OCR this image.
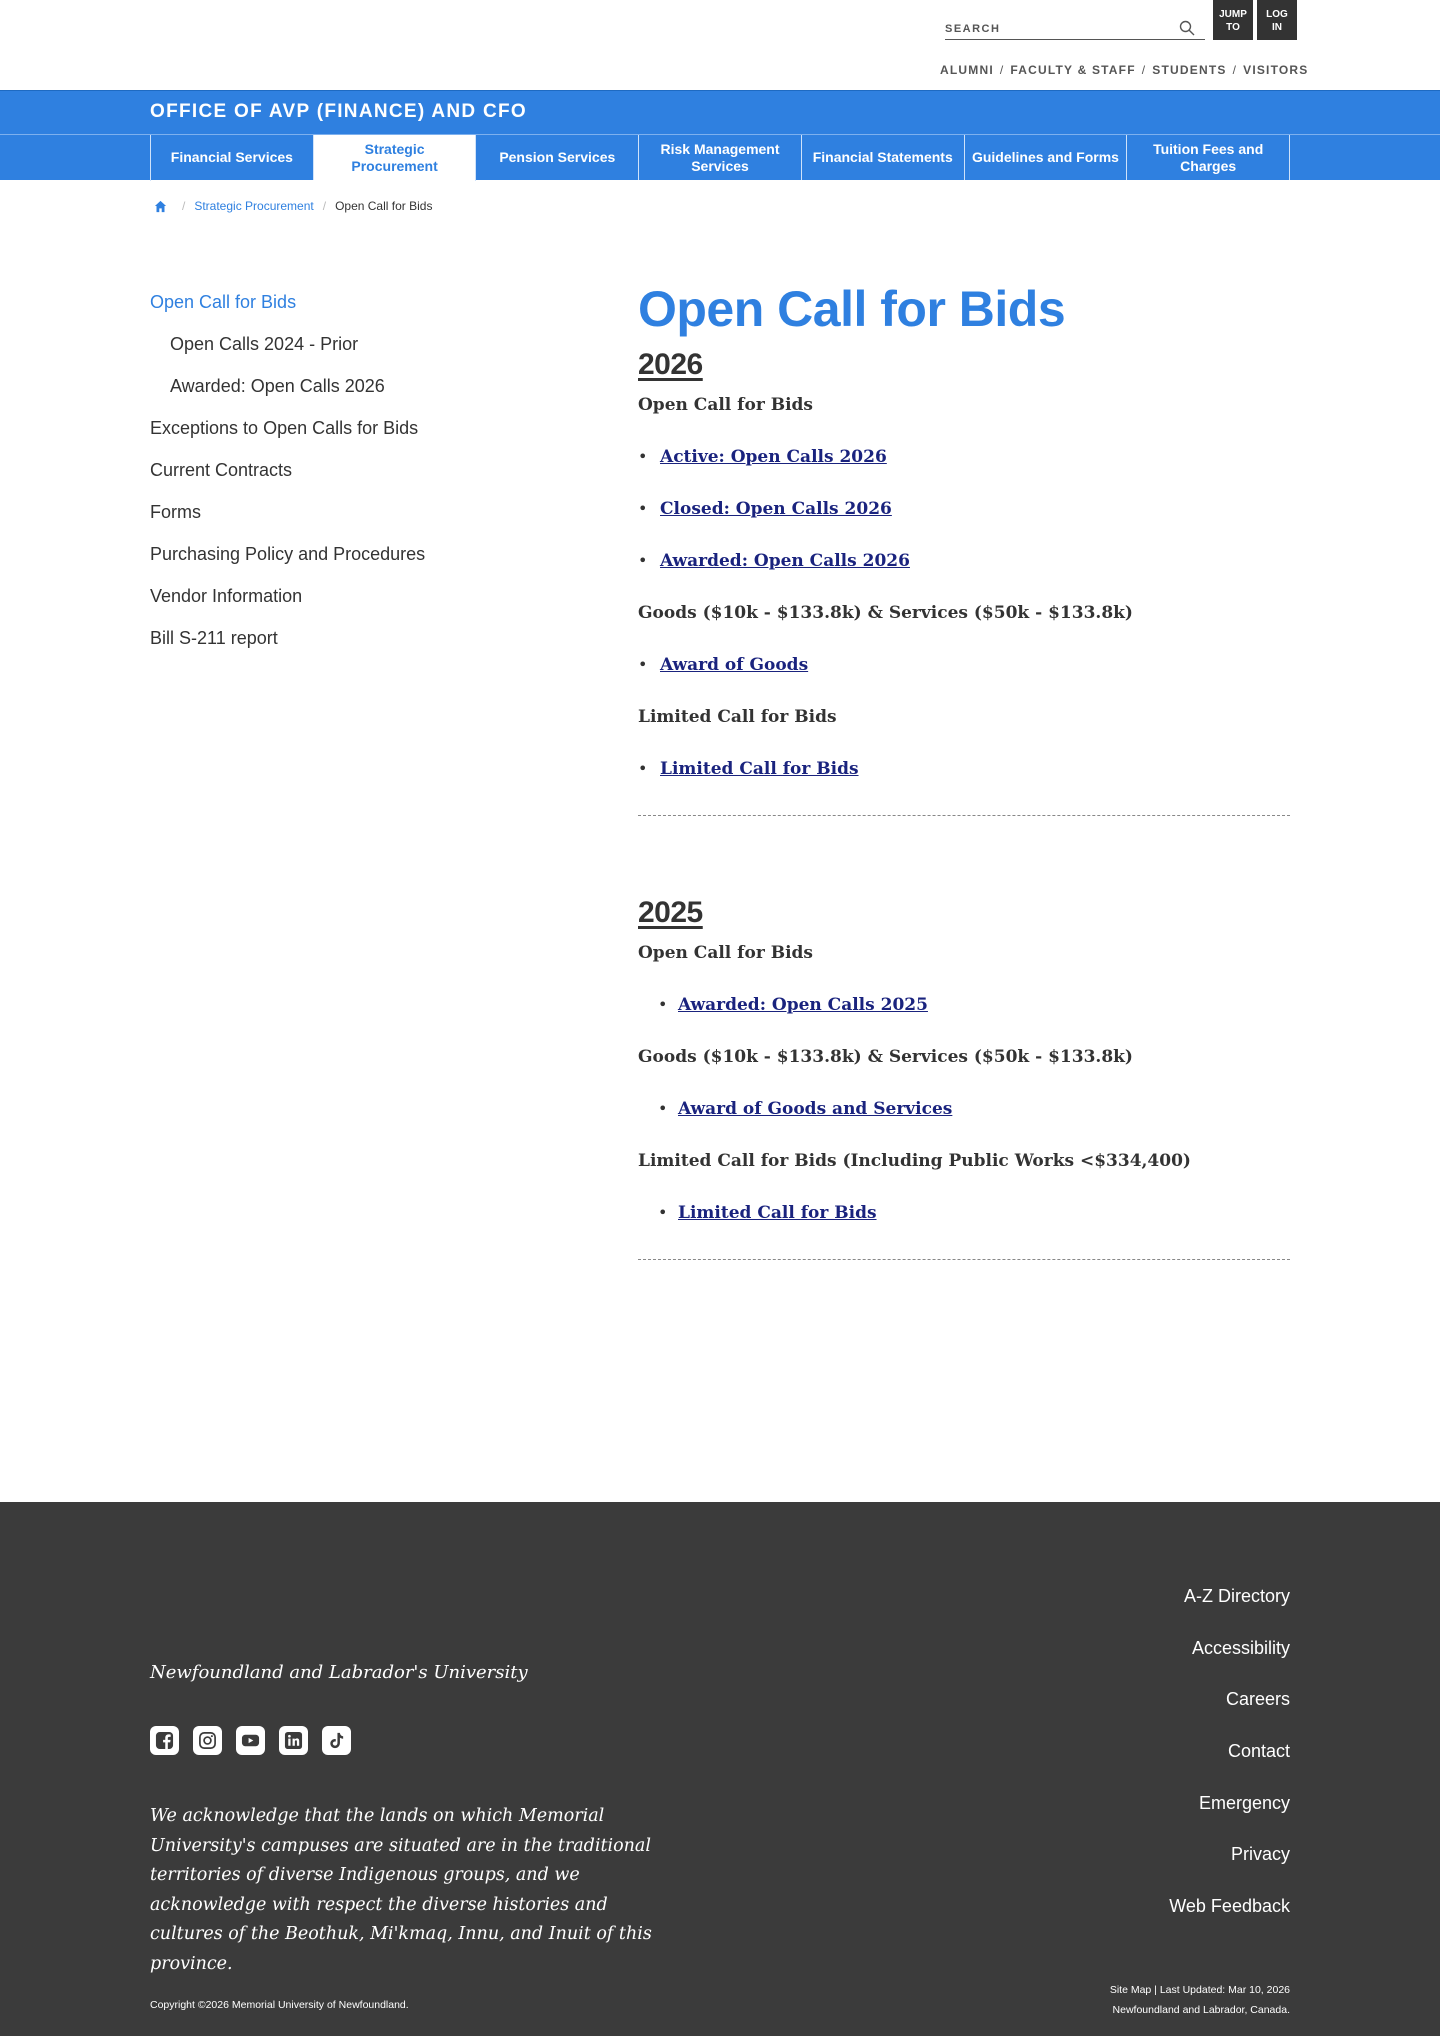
SEARCH
JUMP
TO
LOG
IN
ALUMNI / FACULTY & STAFF / STUDENTS / VISITORS
OFFICE OF AVP (FINANCE) AND CFO
Financial Services	Strategic Procurement
Pension Services
Risk Management Services
Financial Statements	Guidelines and Forms
Tuition Fees and Charges
/ Strategic Procurement / Open Call for Bids
Open Call for Bids
Open Calls 2024 - Prior
Awarded: Open Calls 2026
Exceptions to Open Calls for Bids
Current Contracts
Forms
Purchasing Policy and Procedures
Vendor Information
Bill S-211 report
Open Call for Bids
2026
Open Call for Bids
• Active: Open Calls 2026
• Closed: Open Calls 2026
• Awarded: Open Calls 2026
Goods ($10k - $133.8k) & Services ($50k - $133.8k)
• Award of Goods
Limited Call for Bids
• Limited Call for Bids
2025
Open Call for Bids
• Awarded: Open Calls 2025
Goods ($10k - $133.8k) & Services ($50k - $133.8k)
• Award of Goods and Services
Limited Call for Bids (Including Public Works <$334,400)
• Limited Call for Bids
Newfoundland and Labrador's University

We acknowledge that the lands on which Memorial University's campuses are situated are in the traditional territories of diverse Indigenous groups, and we acknowledge with respect the diverse histories and cultures of the Beothuk, Mi'kmaq, Innu, and Inuit of this province.

A-Z Directory
Accessibility
Careers
Contact
Emergency
Privacy
Web Feedback
Site Map | Last Updated: Mar 10, 2026
Newfoundland and Labrador, Canada.
Copyright ©2026 Memorial University of Newfoundland.
